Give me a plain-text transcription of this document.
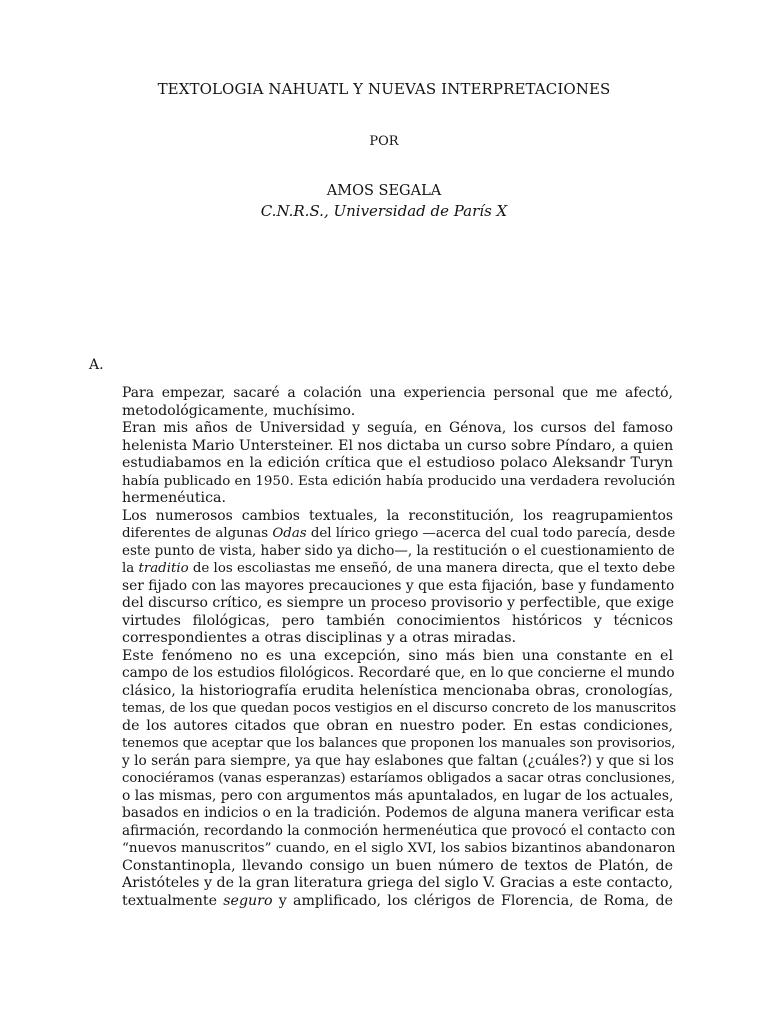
TEXTOLOGIA NAHUATL Y NUEVAS INTERPRETACIONES
POR
AMOS SEGALA
C.N.R.S., Universidad de París X
A.

Para empezar, sacaré a colación una experiencia personal que me afectó,
metodológicamente, muchísimo.

Eran mis años de Universidad y seguía, en Génova, los cursos del famoso
helenista Mario Untersteiner. El nos dictaba un curso sobre Píndaro, a quien
estudiabamos en la edición crítica que el estudioso polaco Aleksandr Turyn
había publicado en 1950. Esta edición había producido una verdadera revolución
hermenéutica.

Los numerosos cambios textuales, la reconstitución, los reagrupamientos
diferentes de algunas Odas del lírico griego —acerca del cual todo parecía, desde
este punto de vista, haber sido ya dicho—, la restitución o el cuestionamiento de
la traditio de los escoliastas me enseñó, de una manera directa, que el texto debe
ser fijado con las mayores precauciones y que esta fijación, base y fundamento
del discurso crítico, es siempre un proceso provisorio y perfectible, que exige
virtudes filológicas, pero también conocimientos históricos y técnicos
correspondientes a otras disciplinas y a otras miradas.

Este fenómeno no es una excepción, sino más bien una constante en el
campo de los estudios filológicos. Recordaré que, en lo que concierne el mundo
clásico, la historiografía erudita helenística mencionaba obras, cronologías,
temas, de los que quedan pocos vestigios en el discurso concreto de los manuscritos
de los autores citados que obran en nuestro poder. En estas condiciones,
tenemos que aceptar que los balances que proponen los manuales son provisorios,
y lo serán para siempre, ya que hay eslabones que faltan (¿cuáles?) y que si los
conociéramos (vanas esperanzas) estaríamos obligados a sacar otras conclusiones,
o las mismas, pero con argumentos más apuntalados, en lugar de los actuales,
basados en indicios o en la tradición. Podemos de alguna manera verificar esta
afirmación, recordando la conmoción hermenéutica que provocó el contacto con
“nuevos manuscritos” cuando, en el siglo XVI, los sabios bizantinos abandonaron
Constantinopla, llevando consigo un buen número de textos de Platón, de
Aristóteles y de la gran literatura griega del siglo V. Gracias a este contacto,
textualmente seguro y amplificado, los clérigos de Florencia, de Roma, de
